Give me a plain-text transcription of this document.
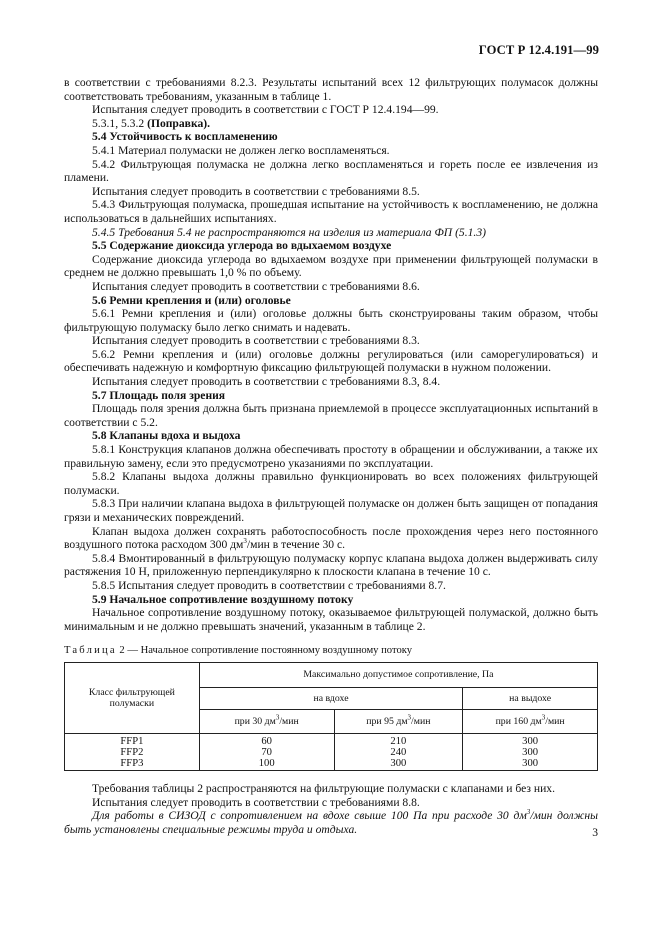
ГОСТ Р 12.4.191—99

в соответствии с требованиями 8.2.3. Результаты испытаний всех 12 фильтрующих полумасок должны соответствовать требованиям, указанным в таблице 1.

Испытания следует проводить в соответствии с ГОСТ Р 12.4.194—99.

5.3.1, 5.3.2 (Поправка).

5.4 Устойчивость к воспламенению

5.4.1 Материал полумаски не должен легко воспламеняться.

5.4.2 Фильтрующая полумаска не должна легко воспламеняться и гореть после ее извлечения из пламени.

Испытания следует проводить в соответствии с требованиями 8.5.

5.4.3 Фильтрующая полумаска, прошедшая испытание на устойчивость к воспламенению, не должна использоваться в дальнейших испытаниях.

5.4.5 Требования 5.4 не распространяются на изделия из материала ФП (5.1.3)

5.5 Содержание диоксида углерода во вдыхаемом воздухе

Содержание диоксида углерода во вдыхаемом воздухе при применении фильтрующей полумаски в среднем не должно превышать 1,0 % по объему.

Испытания следует проводить в соответствии с требованиями 8.6.

5.6 Ремни крепления и (или) оголовье

5.6.1 Ремни крепления и (или) оголовье должны быть сконструированы таким образом, чтобы фильтрующую полумаску было легко снимать и надевать.

Испытания следует проводить в соответствии с требованиями 8.3.

5.6.2 Ремни крепления и (или) оголовье должны регулироваться (или саморегулироваться) и обеспечивать надежную и комфортную фиксацию фильтрующей полумаски в нужном положении.

Испытания следует проводить в соответствии с требованиями 8.3, 8.4.

5.7 Площадь поля зрения

Площадь поля зрения должна быть признана приемлемой в процессе эксплуатационных испытаний в соответствии с 5.2.

5.8 Клапаны вдоха и выдоха

5.8.1 Конструкция клапанов должна обеспечивать простоту в обращении и обслуживании, а также их правильную замену, если это предусмотрено указаниями по эксплуатации.

5.8.2 Клапаны выдоха должны правильно функционировать во всех положениях фильтрующей полумаски.

5.8.3 При наличии клапана выдоха в фильтрующей полумаске он должен быть защищен от попадания грязи и механических повреждений.

Клапан выдоха должен сохранять работоспособность после прохождения через него постоянного воздушного потока расходом 300 $дм^3$/мин в течение 30 с.

5.8.4 Вмонтированный в фильтрующую полумаску корпус клапана выдоха должен выдерживать силу растяжения 10 Н, приложенную перпендикулярно к плоскости клапана в течение 10 с.

5.8.5 Испытания следует проводить в соответствии с требованиями 8.7.

5.9 Начальное сопротивление воздушному потоку

Начальное сопротивление воздушному потоку, оказываемое фильтрующей полумаской, должно быть минимальным и не должно превышать значений, указанным в таблице 2.

Таблица 2 — Начальное сопротивление постоянному воздушному потоку

Класс фильтрующей полумаски	Максимально допустимое сопротивление, Па		
	на вдохе		на выдохе
	при 30 $дм^3$/мин	при 95 $дм^3$/мин	при 160 $дм^3$/мин
FFP1	60	210	300
FFP2	70	240	300
FFP3	100	300	300

Требования таблицы 2 распространяются на фильтрующие полумаски с клапанами и без них.

Испытания следует проводить в соответствии с требованиями 8.8.

Для работы в СИЗОД с сопротивлением на вдохе свыше 100 Па при расходе 30 $дм^3$/мин должны быть установлены специальные режимы труда и отдыха.	3
